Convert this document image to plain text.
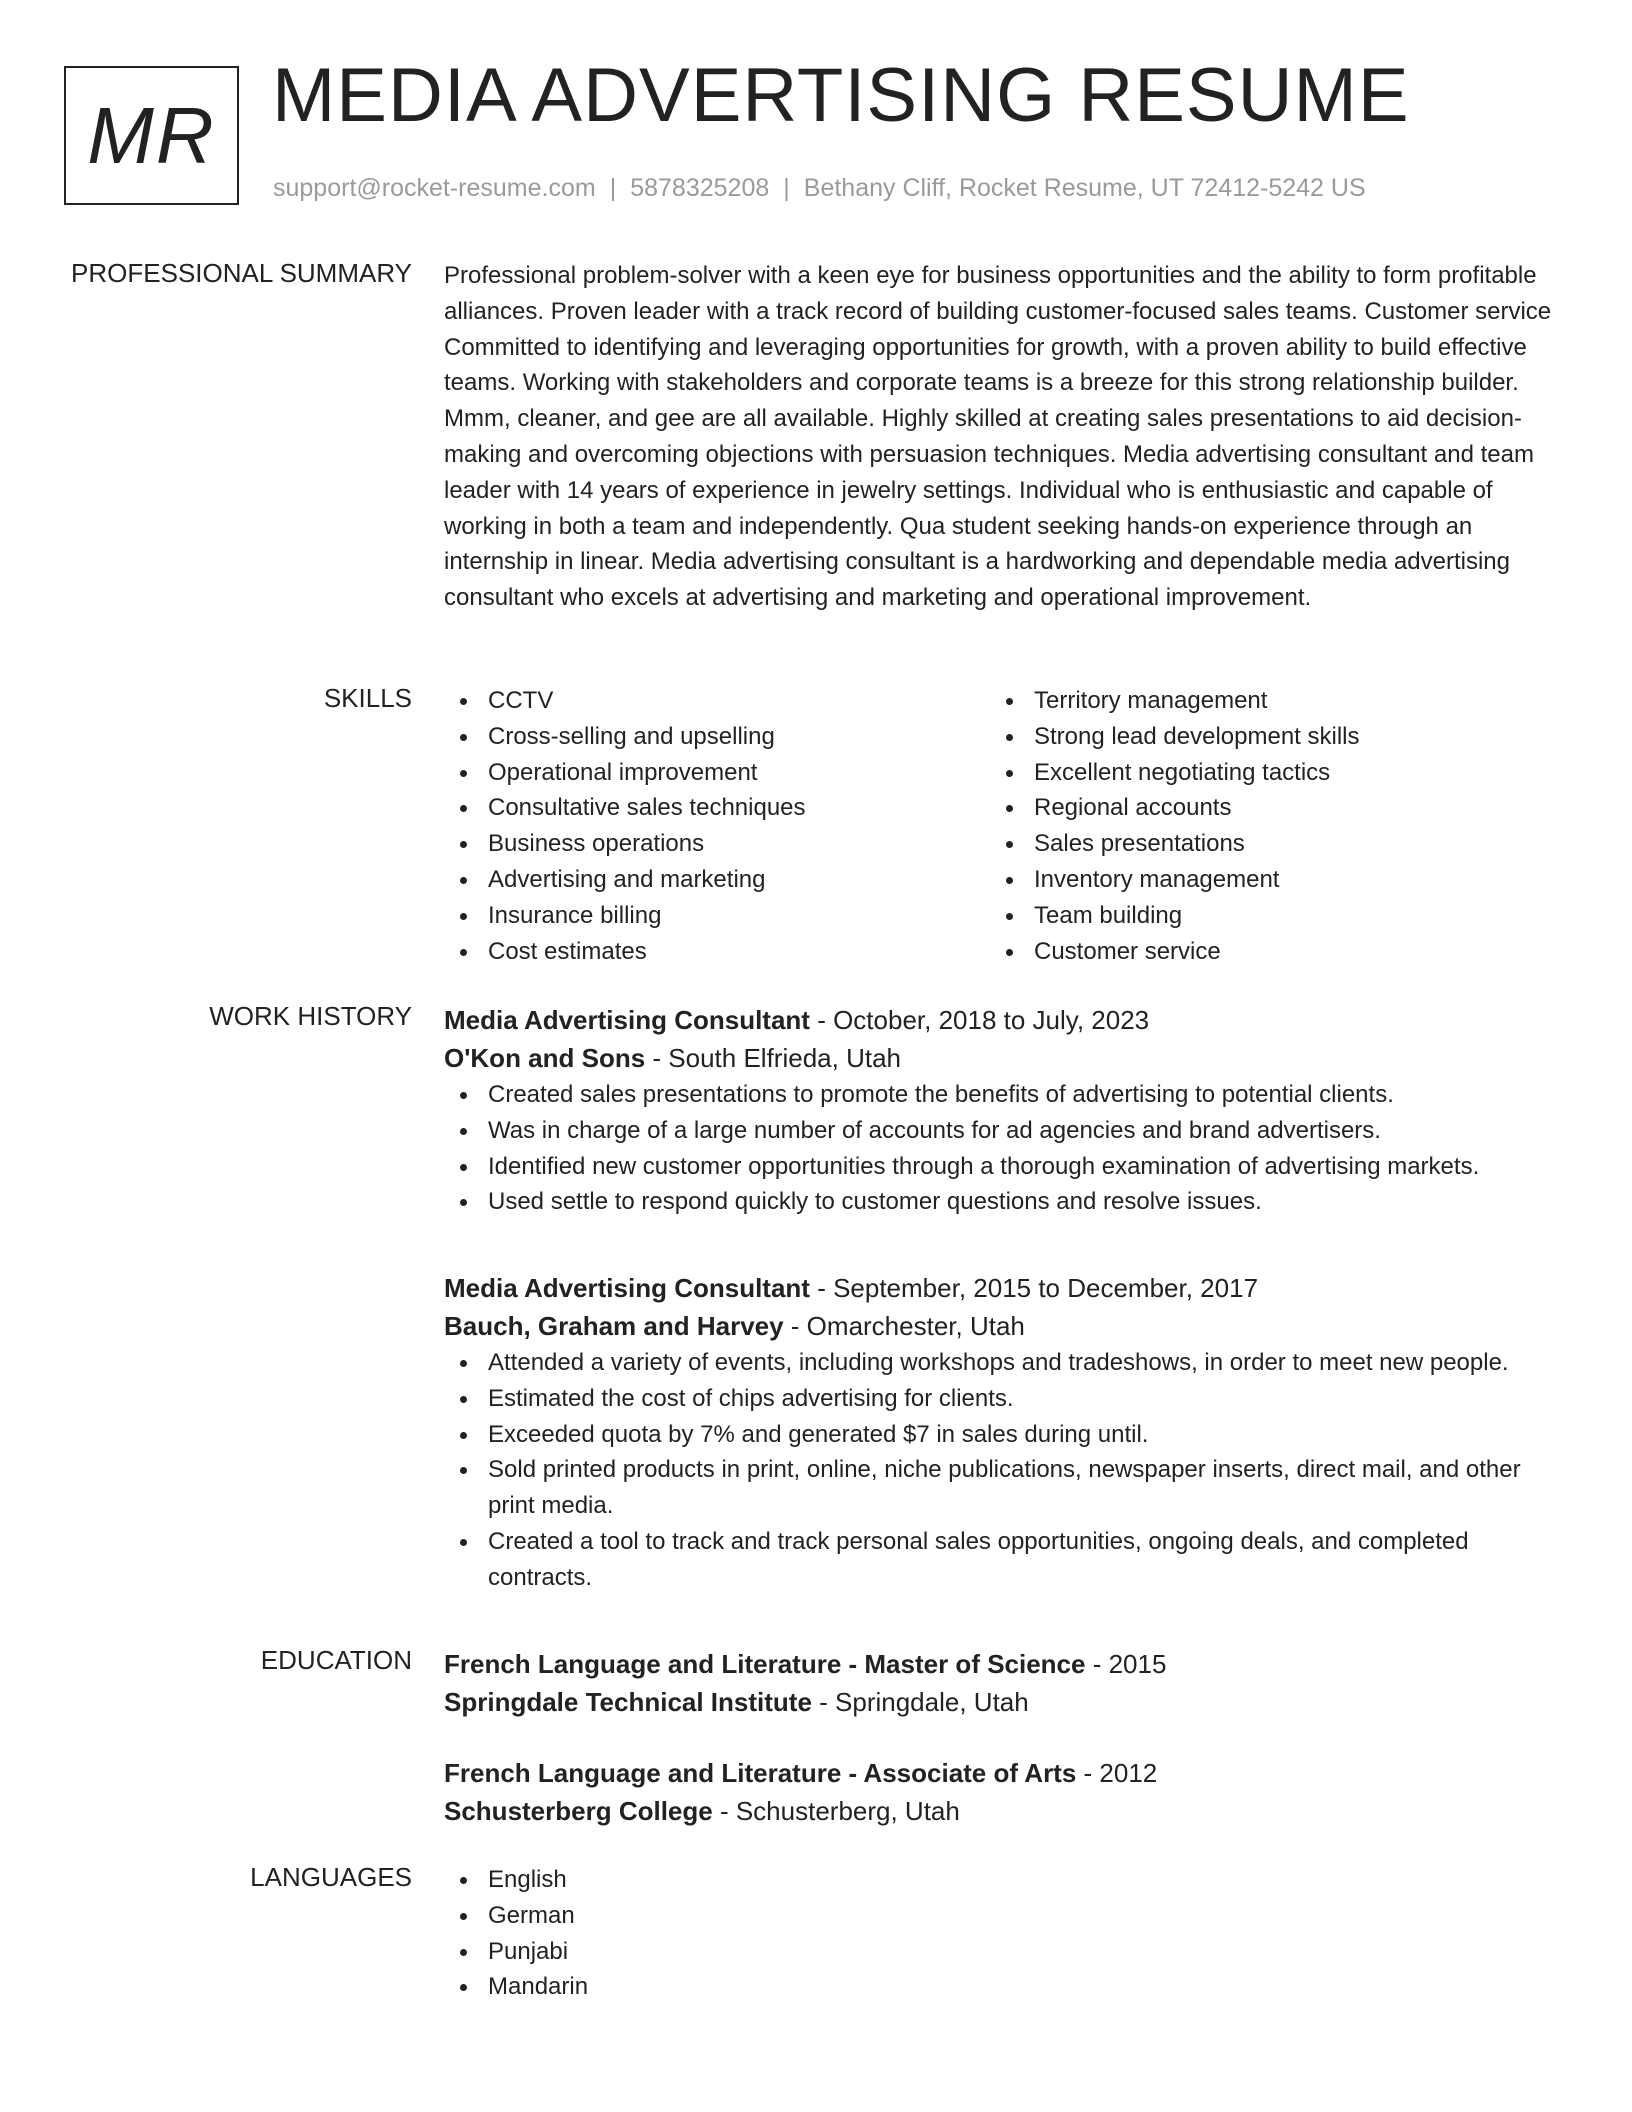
MR MEDIA ADVERTISING RESUME
support@rocket-resume.com | 5878325208 | Bethany Cliff, Rocket Resume, UT 72412-5242 US
PROFESSIONAL SUMMARY Professional problem-solver with a keen eye for business opportunities and the ability to form profitable alliances. Proven leader with a track record of building customer-focused sales teams. Customer service Committed to identifying and leveraging opportunities for growth, with a proven ability to build effective teams. Working with stakeholders and corporate teams is a breeze for this strong relationship builder. Mmm, cleaner, and gee are all available. Highly skilled at creating sales presentations to aid decision-making and overcoming objections with persuasion techniques. Media advertising consultant and team leader with 14 years of experience in jewelry settings. Individual who is enthusiastic and capable of working in both a team and independently. Qua student seeking hands-on experience through an internship in linear. Media advertising consultant is a hardworking and dependable media advertising consultant who excels at advertising and marketing and operational improvement.

SKILLS	CCTV
Cross-selling and upselling
Operational improvement
Consultative sales techniques
Business operations
Advertising and marketing
Insurance billing
Cost estimates
Territory management
Strong lead development skills
Excellent negotiating tactics
Regional accounts
Sales presentations
Inventory management
Team building
Customer service
WORK HISTORY Media Advertising Consultant - October, 2018 to July, 2023
O'Kon and Sons - South Elfrieda, Utah
Created sales presentations to promote the benefits of advertising to potential clients.
Was in charge of a large number of accounts for ad agencies and brand advertisers.
Identified new customer opportunities through a thorough examination of advertising markets.
Used settle to respond quickly to customer questions and resolve issues.
Media Advertising Consultant - September, 2015 to December, 2017
Bauch, Graham and Harvey - Omarchester, Utah
Attended a variety of events, including workshops and tradeshows, in order to meet new people.
Estimated the cost of chips advertising for clients.
Exceeded quota by 7% and generated $7 in sales during until.
Sold printed products in print, online, niche publications, newspaper inserts, direct mail, and other print media.
Created a tool to track and track personal sales opportunities, ongoing deals, and completed contracts.
EDUCATION French Language and Literature - Master of Science - 2015
Springdale Technical Institute - Springdale, Utah
French Language and Literature - Associate of Arts - 2012
Schusterberg College - Schusterberg, Utah
LANGUAGES	English
German
Punjabi
Mandarin
